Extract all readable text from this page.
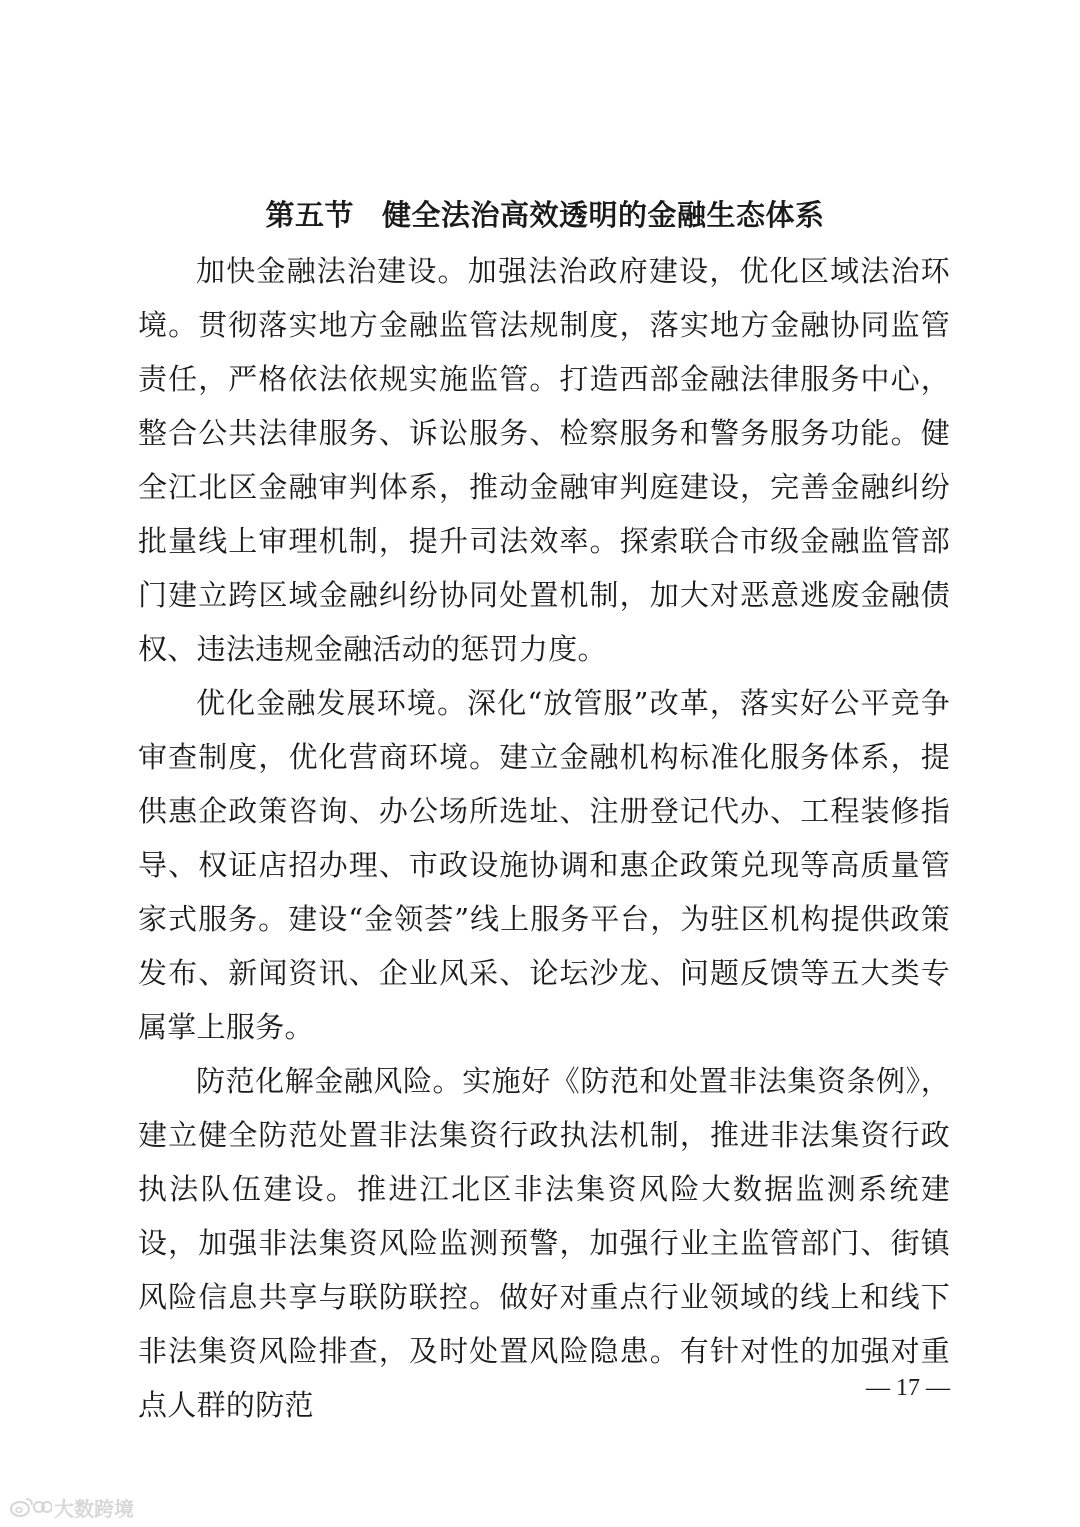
第五节 健全法治高效透明的金融生态体系

加快金融法治建设。加强法治政府建设，优化区域法治环境。贯彻落实地方金融监管法规制度，落实地方金融协同监管责任，严格依法依规实施监管。打造西部金融法律服务中心，整合公共法律服务、诉讼服务、检察服务和警务服务功能。健全江北区金融审判体系，推动金融审判庭建设，完善金融纠纷批量线上审理机制，提升司法效率。探索联合市级金融监管部门建立跨区域金融纠纷协同处置机制，加大对恶意逃废金融债权、违法违规金融活动的惩罚力度。

优化金融发展环境。深化“放管服”改革，落实好公平竞争审查制度，优化营商环境。建立金融机构标准化服务体系，提供惠企政策咨询、办公场所选址、注册登记代办、工程装修指导、权证店招办理、市政设施协调和惠企政策兑现等高质量管家式服务。建设“金领荟”线上服务平台，为驻区机构提供政策发布、新闻资讯、企业风采、论坛沙龙、问题反馈等五大类专属掌上服务。

防范化解金融风险。实施好《防范和处置非法集资条例》，建立健全防范处置非法集资行政执法机制，推进非法集资行政执法队伍建设。推进江北区非法集资风险大数据监测系统建设，加强非法集资风险监测预警，加强行业主监管部门、街镇风险信息共享与联防联控。做好对重点行业领域的线上和线下非法集资风险排查，及时处置风险隐患。有针对性的加强对重点人群的防范	— 17 —
大数跨境
